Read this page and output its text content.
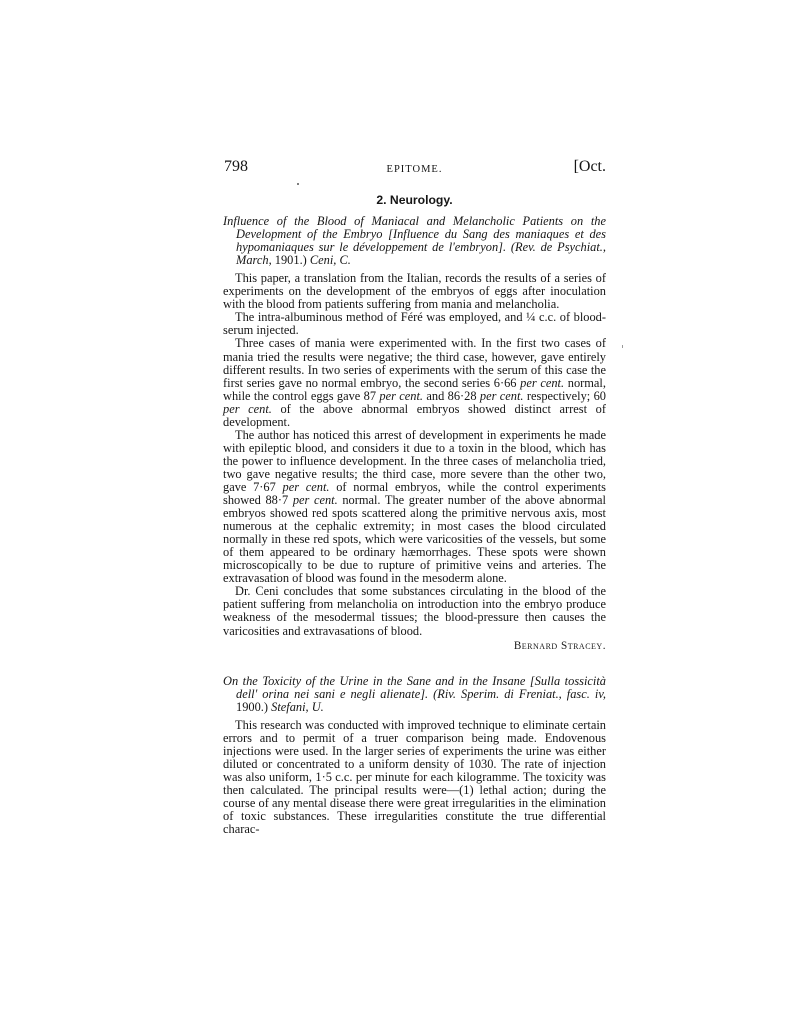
798	EPITOME.	[Oct.
2. Neurology.

Influence of the Blood of Maniacal and Melancholic Patients on the Development of the Embryo [Influence du Sang des maniaques et des hypomaniaques sur le développement de l'embryon]. (Rev. de Psychiat., March, 1901.) Ceni, C.

This paper, a translation from the Italian, records the results of a series of experiments on the development of the embryos of eggs after inoculation with the blood from patients suffering from mania and melancholia.

The intra-albuminous method of Féré was employed, and ¼ c.c. of blood-serum injected.

Three cases of mania were experimented with. In the first two cases of mania tried the results were negative; the third case, however, gave entirely different results. In two series of experiments with the serum of this case the first series gave no normal embryo, the second series 6·66 per cent. normal, while the control eggs gave 87 per cent. and 86·28 per cent. respectively; 60 per cent. of the above abnormal embryos showed distinct arrest of development.

The author has noticed this arrest of development in experiments he made with epileptic blood, and considers it due to a toxin in the blood, which has the power to influence development. In the three cases of melancholia tried, two gave negative results; the third case, more severe than the other two, gave 7·67 per cent. of normal embryos, while the control experiments showed 88·7 per cent. normal. The greater number of the above abnormal embryos showed red spots scattered along the primitive nervous axis, most numerous at the cephalic extremity; in most cases the blood circulated normally in these red spots, which were varicosities of the vessels, but some of them appeared to be ordinary hæmorrhages. These spots were shown microscopically to be due to rupture of primitive veins and arteries. The extravasation of blood was found in the mesoderm alone.

Dr. Ceni concludes that some substances circulating in the blood of the patient suffering from melancholia on introduction into the embryo produce weakness of the mesodermal tissues; the blood-pressure then causes the varicosities and extravasations of blood.

Bernard Stracey.

On the Toxicity of the Urine in the Sane and in the Insane [Sulla tossicità dell' orina nei sani e negli alienate]. (Riv. Sperim. di Freniat., fasc. iv, 1900.) Stefani, U.

This research was conducted with improved technique to eliminate certain errors and to permit of a truer comparison being made. Endovenous injections were used. In the larger series of experiments the urine was either diluted or concentrated to a uniform density of 1030. The rate of injection was also uniform, 1·5 c.c. per minute for each kilogramme. The toxicity was then calculated. The principal results were—(1) lethal action; during the course of any mental disease there were great irregularities in the elimination of toxic substances. These irregularities constitute the true differential charac-
